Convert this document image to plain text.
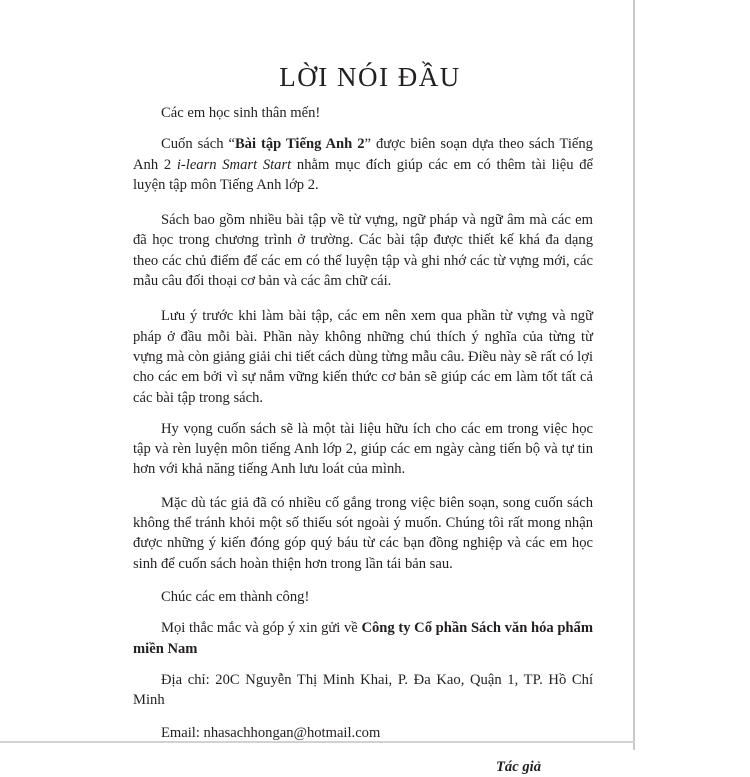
LỜI NÓI ĐẦU

Các em học sinh thân mến!

Cuốn sách “Bài tập Tiếng Anh 2” được biên soạn dựa theo sách Tiếng Anh 2 i-learn Smart Start nhằm mục đích giúp các em có thêm tài liệu để luyện tập môn Tiếng Anh lớp 2.

Sách bao gồm nhiều bài tập về từ vựng, ngữ pháp và ngữ âm mà các em đã học trong chương trình ở trường. Các bài tập được thiết kế khá đa dạng theo các chủ điểm để các em có thể luyện tập và ghi nhớ các từ vựng mới, các mẫu câu đối thoại cơ bản và các âm chữ cái.

Lưu ý trước khi làm bài tập, các em nên xem qua phần từ vựng và ngữ pháp ở đầu mỗi bài. Phần này không những chú thích ý nghĩa của từng từ vựng mà còn giảng giải chi tiết cách dùng từng mẫu câu. Điều này sẽ rất có lợi cho các em bởi vì sự nắm vững kiến thức cơ bản sẽ giúp các em làm tốt tất cả các bài tập trong sách.

Hy vọng cuốn sách sẽ là một tài liệu hữu ích cho các em trong việc học tập và rèn luyện môn tiếng Anh lớp 2, giúp các em ngày càng tiến bộ và tự tin hơn với khả năng tiếng Anh lưu loát của mình.

Mặc dù tác giả đã có nhiều cố gắng trong việc biên soạn, song cuốn sách không thể tránh khỏi một số thiếu sót ngoài ý muốn. Chúng tôi rất mong nhận được những ý kiến đóng góp quý báu từ các bạn đồng nghiệp và các em học sinh để cuốn sách hoàn thiện hơn trong lần tái bản sau.

Chúc các em thành công!

Mọi thắc mắc và góp ý xin gửi về Công ty Cổ phần Sách văn hóa phẩm miền Nam

Địa chỉ: 20C Nguyễn Thị Minh Khai, P. Đa Kao, Quận 1, TP. Hồ Chí Minh

Email: nhasachhongan@hotmail.com

Tác giả
